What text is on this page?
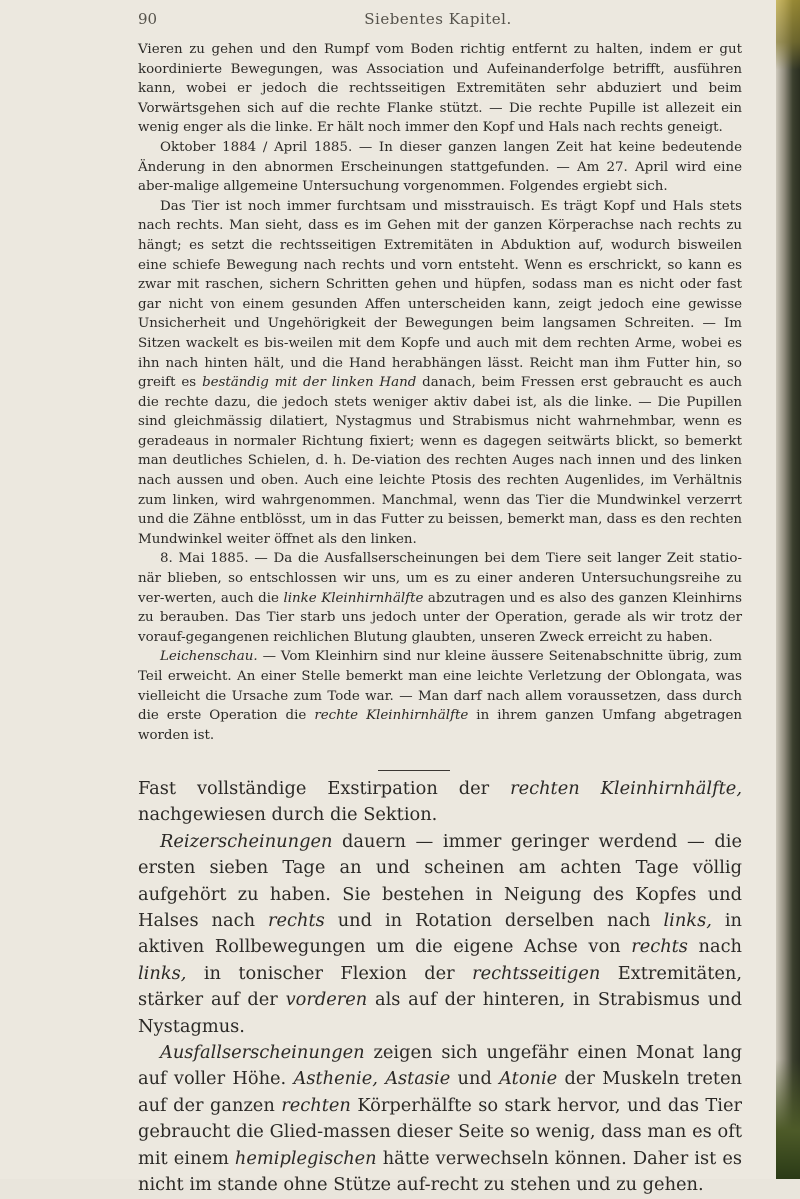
90	Siebentes Kapitel.

Vieren zu gehen und den Rumpf vom Boden richtig entfernt zu halten, indem er gut koordinierte Bewegungen, was Association und Aufeinanderfolge betrifft, ausführen kann, wobei er jedoch die rechtsseitigen Extremitäten sehr abduziert und beim Vorwärtsgehen sich auf die rechte Flanke stützt. — Die rechte Pupille ist allezeit ein wenig enger als die linke. Er hält noch immer den Kopf und Hals nach rechts geneigt.

Oktober 1884 / April 1885. — In dieser ganzen langen Zeit hat keine bedeutende Änderung in den abnormen Erscheinungen stattgefunden. — Am 27. April wird eine aber-malige allgemeine Untersuchung vorgenommen. Folgendes ergiebt sich.

Das Tier ist noch immer furchtsam und misstrauisch. Es trägt Kopf und Hals stets nach rechts. Man sieht, dass es im Gehen mit der ganzen Körperachse nach rechts zu hängt; es setzt die rechtsseitigen Extremitäten in Abduktion auf, wodurch bisweilen eine schiefe Bewegung nach rechts und vorn entsteht. Wenn es erschrickt, so kann es zwar mit raschen, sichern Schritten gehen und hüpfen, sodass man es nicht oder fast gar nicht von einem gesunden Affen unterscheiden kann, zeigt jedoch eine gewisse Unsicherheit und Ungehörigkeit der Bewegungen beim langsamen Schreiten. — Im Sitzen wackelt es bis-weilen mit dem Kopfe und auch mit dem rechten Arme, wobei es ihn nach hinten hält, und die Hand herabhängen lässt. Reicht man ihm Futter hin, so greift es beständig mit der linken Hand danach, beim Fressen erst gebraucht es auch die rechte dazu, die jedoch stets weniger aktiv dabei ist, als die linke. — Die Pupillen sind gleichmässig dilatiert, Nystagmus und Strabismus nicht wahrnehmbar, wenn es geradeaus in normaler Richtung fixiert; wenn es dagegen seitwärts blickt, so bemerkt man deutliches Schielen, d. h. De-viation des rechten Auges nach innen und des linken nach aussen und oben. Auch eine leichte Ptosis des rechten Augenlides, im Verhältnis zum linken, wird wahrgenommen. Manchmal, wenn das Tier die Mundwinkel verzerrt und die Zähne entblösst, um in das Futter zu beissen, bemerkt man, dass es den rechten Mundwinkel weiter öffnet als den linken.

8. Mai 1885. — Da die Ausfallserscheinungen bei dem Tiere seit langer Zeit statio-när blieben, so entschlossen wir uns, um es zu einer anderen Untersuchungsreihe zu ver-werten, auch die linke Kleinhirnhälfte abzutragen und es also des ganzen Kleinhirns zu berauben. Das Tier starb uns jedoch unter der Operation, gerade als wir trotz der vorauf-gegangenen reichlichen Blutung glaubten, unseren Zweck erreicht zu haben.

Leichenschau. — Vom Kleinhirn sind nur kleine äussere Seitenabschnitte übrig, zum Teil erweicht. An einer Stelle bemerkt man eine leichte Verletzung der Oblongata, was vielleicht die Ursache zum Tode war. — Man darf nach allem voraussetzen, dass durch die erste Operation die rechte Kleinhirnhälfte in ihrem ganzen Umfang abgetragen worden ist.

Fast vollständige Exstirpation der rechten Kleinhirnhälfte, nachgewiesen durch die Sektion.

Reizerscheinungen dauern — immer geringer werdend — die ersten sieben Tage an und scheinen am achten Tage völlig aufgehört zu haben. Sie bestehen in Neigung des Kopfes und Halses nach rechts und in Rotation derselben nach links, in aktiven Rollbewegungen um die eigene Achse von rechts nach links, in tonischer Flexion der rechtsseitigen Extremitäten, stärker auf der vorderen als auf der hinteren, in Strabismus und Nystagmus.

Ausfallserscheinungen zeigen sich ungefähr einen Monat lang auf voller Höhe. Asthenie, Astasie und Atonie der Muskeln treten auf der ganzen rechten Körperhälfte so stark hervor, und das Tier gebraucht die Glied-massen dieser Seite so wenig, dass man es oft mit einem hemiplegischen hätte verwechseln können. Daher ist es nicht im stande ohne Stütze auf-recht zu stehen und zu gehen.
